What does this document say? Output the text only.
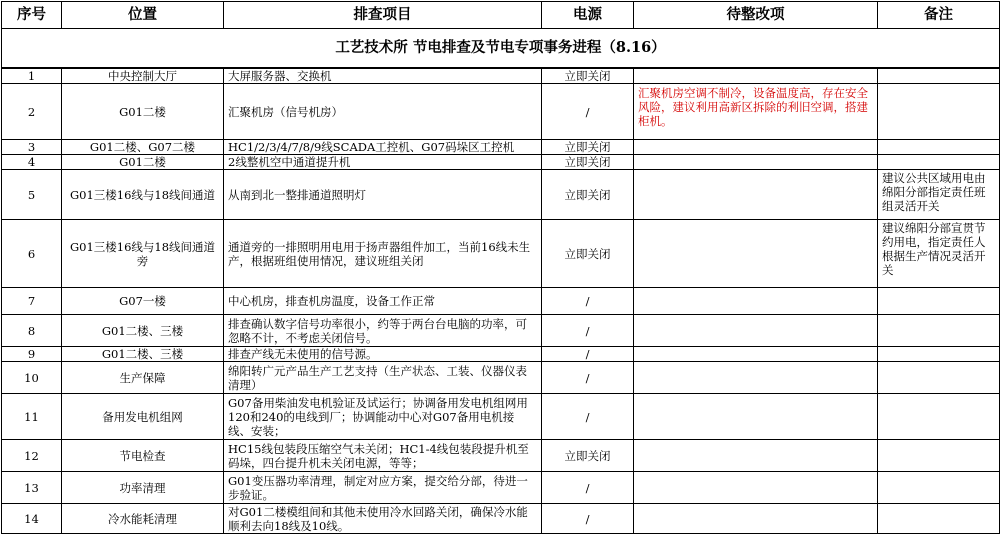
工艺技术所 节电排查及节电专项事务进程（8.16）					
序号	位置	排查项目	电源	待整改项	备注
1	中央控制大厅	大屏服务器、交换机	立即关闭		
2	G01二楼	汇聚机房（信号机房）	/	汇聚机房空调不制冷，设备温度高，存在安全风险，建议利用高新区拆除的利旧空调，搭建柜机。	
3	G01二楼、G07二楼	HC1/2/3/4/7/8/9线SCADA工控机、G07码垛区工控机	立即关闭		
4	G01二楼	2线整机空中通道提升机	立即关闭		
5	G01三楼16线与18线间通道	从南到北一整排通道照明灯	立即关闭		建议公共区域用电由绵阳分部指定责任班组灵活开关
6	G01三楼16线与18线间通道旁	通道旁的一排照明用电用于扬声器组件加工，当前16线未生产，根据班组使用情况，建议班组关闭	立即关闭		建议绵阳分部宣贯节约用电，指定责任人根据生产情况灵活开关
7	G07一楼	中心机房，排查机房温度，设备工作正常	/		
8	G01二楼、三楼	排查确认数字信号功率很小，约等于两台台电脑的功率，可忽略不计，不考虑关闭信号。	/		
9	G01二楼、三楼	排查产线无未使用的信号源。	/		
10	生产保障	绵阳转广元产品生产工艺支持（生产状态、工装、仪器仪表清理）	/		
11	备用发电机组网	G07备用柴油发电机验证及试运行；协调备用发电机组网用120和240的电线到厂；协调能动中心对G07备用电机接线、安装；	/		
12	节电检查	HC15线包装段压缩空气未关闭；HC1-4线包装段提升机至码垛，四台提升机未关闭电源，等等；	立即关闭		
13	功率清理	G01变压器功率清理，制定对应方案，提交给分部，待进一步验证。	/		
14	冷水能耗清理	对G01二楼模组间和其他未使用冷水回路关闭，确保冷水能顺利去向18线及10线。	/		
